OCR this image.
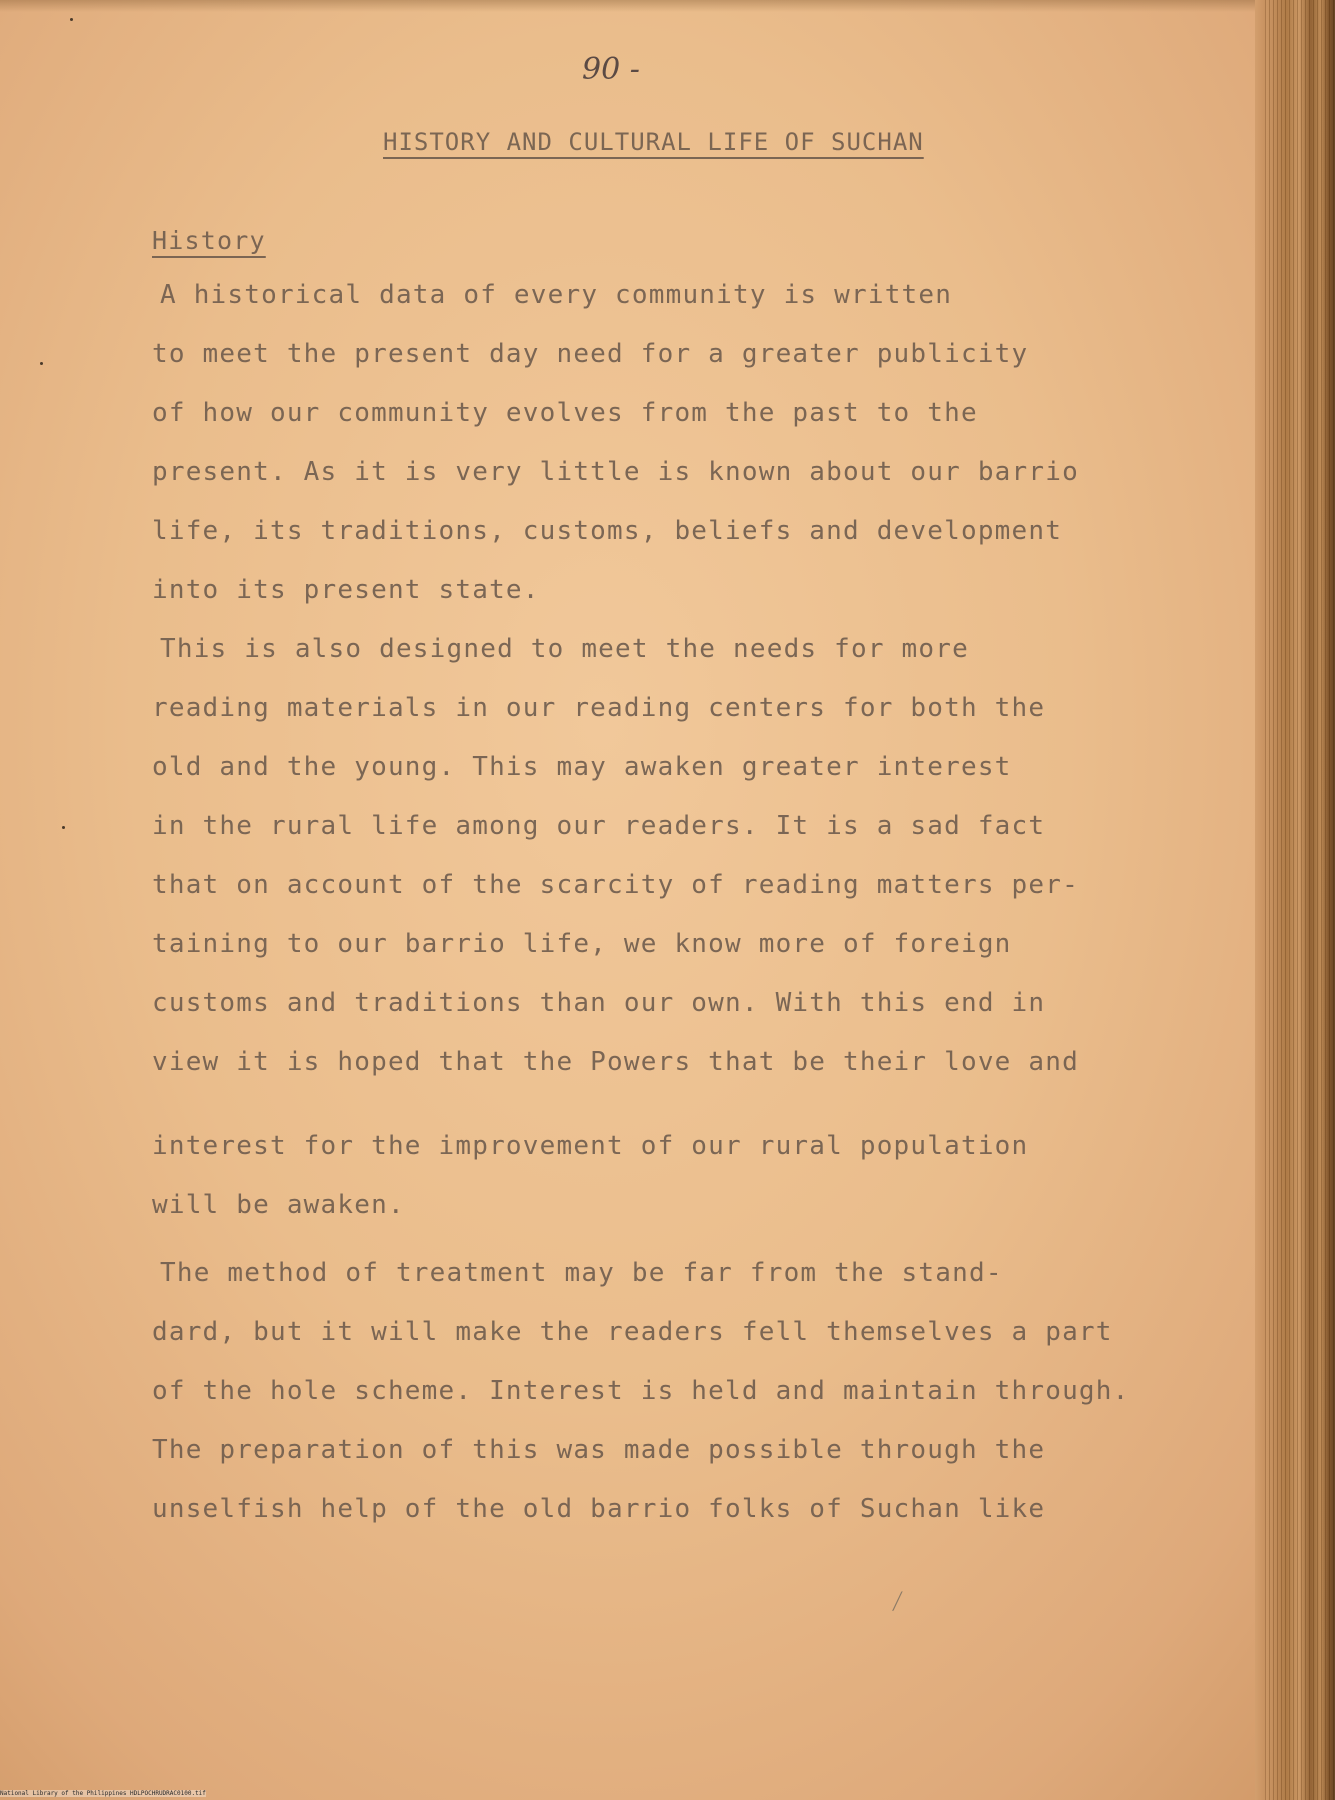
90 -
HISTORY AND CULTURAL LIFE OF SUCHAN
History
A historical data of every community is written
to meet the present day need for a greater publicity
of how our community evolves from the past to the
present. As it is very little is known about our barrio
life, its traditions, customs, beliefs and development
into its present state.
This is also designed to meet the needs for more
reading materials in our reading centers for both the
old and the young. This may awaken greater interest
in the rural life among our readers. It is a sad fact
that on account of the scarcity of reading matters per-
taining to our barrio life, we know more of foreign
customs and traditions than our own. With this end in
view it is hoped that the Powers that be their love and
interest for the improvement of our rural population
will be awaken.
The method of treatment may be far from the stand-
dard, but it will make the readers fell themselves a part
of the hole scheme. Interest is held and maintain through.
The preparation of this was made possible through the
unselfish help of the old barrio folks of Suchan like
⟋
National Library of the Philippines HDLPOCHRUDRAC0100.tif
